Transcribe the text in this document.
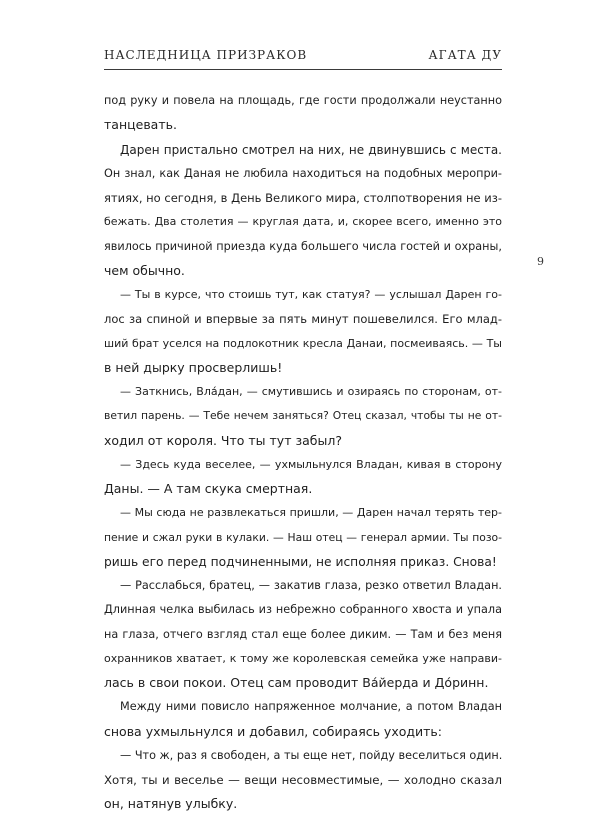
НАСЛЕДНИЦА ПРИЗРАКОВ	АГАТА ДУ
9
под руку и повела на площадь, где гости продолжали неустанно
танцевать.
Дарен пристально смотрел на них, не двинувшись с места.
Он знал, как Даная не любила находиться на подобных меропри-
ятиях, но сегодня, в День Великого мира, столпотворения не из-
бежать. Два столетия — круглая дата, и, скорее всего, именно это
явилось причиной приезда куда большего числа гостей и охраны,
чем обычно.
— Ты в курсе, что стоишь тут, как статуя? — услышал Дарен го-
лос за спиной и впервые за пять минут пошевелился. Его млад-
ший брат уселся на подлокотник кресла Данаи, посмеиваясь. — Ты
в ней дырку просверлишь!
— Заткнись, Вла́дан, — смутившись и озираясь по сторонам, от-
ветил парень. — Тебе нечем заняться? Отец сказал, чтобы ты не от-
ходил от короля. Что ты тут забыл?
— Здесь куда веселее, — ухмыльнулся Владан, кивая в сторону
Даны. — А там скука смертная.
— Мы сюда не развлекаться пришли, — Дарен начал терять тер-
пение и сжал руки в кулаки. — Наш отец — генерал армии. Ты позо-
ришь его перед подчиненными, не исполняя приказ. Снова!
— Расслабься, братец, — закатив глаза, резко ответил Владан.
Длинная челка выбилась из небрежно собранного хвоста и упала
на глаза, отчего взгляд стал еще более диким. — Там и без меня
охранников хватает, к тому же королевская семейка уже направи-
лась в свои покои. Отец сам проводит Ва́йерда и До́ринн.
Между ними повисло напряженное молчание, а потом Владан
снова ухмыльнулся и добавил, собираясь уходить:
— Что ж, раз я свободен, а ты еще нет, пойду веселиться один.
Хотя, ты и веселье — вещи несовместимые, — холодно сказал
он, натянув улыбку.
